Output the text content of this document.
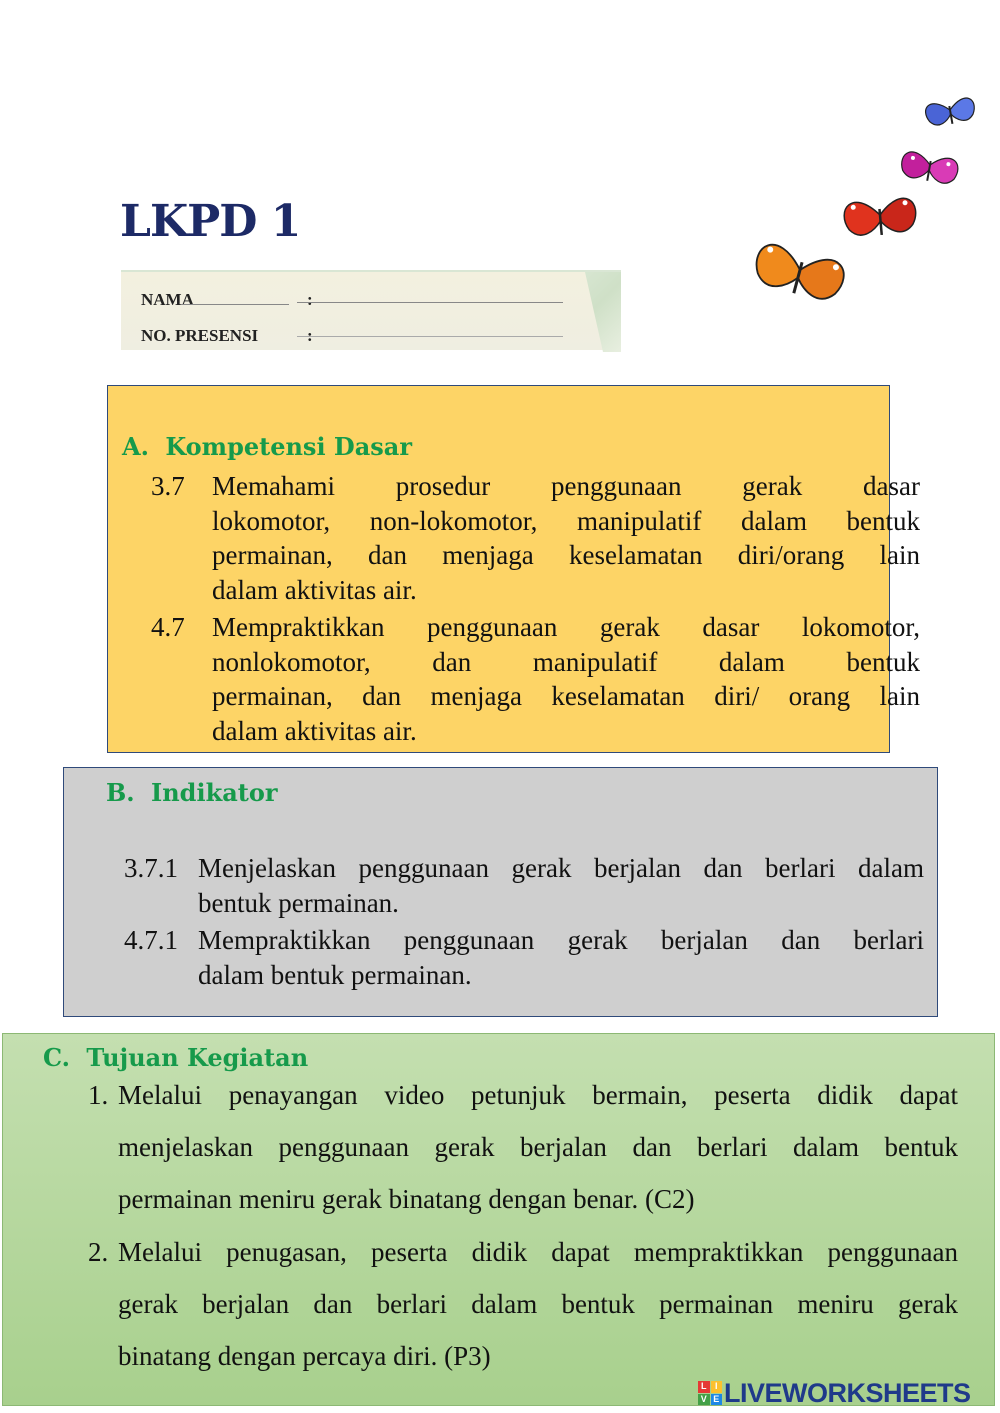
LKPD 1
NAMA	:
NO. PRESENSI	:
A. Kompetensi Dasar
3.7 Memahami prosedur penggunaan gerak dasar
lokomotor, non-lokomotor, manipulatif dalam bentuk
permainan, dan menjaga keselamatan diri/orang lain
dalam aktivitas air.
4.7 Mempraktikkan penggunaan gerak dasar lokomotor,
nonlokomotor, dan manipulatif dalam bentuk
permainan, dan menjaga keselamatan diri/ orang lain
dalam aktivitas air.
B. Indikator
3.7.1 Menjelaskan penggunaan gerak berjalan dan berlari dalam
bentuk permainan.
4.7.1 Mempraktikkan penggunaan gerak berjalan dan berlari
dalam bentuk permainan.
C. Tujuan Kegiatan
1. Melalui penayangan video petunjuk bermain, peserta didik dapat
menjelaskan penggunaan gerak berjalan dan berlari dalam bentuk
permainan meniru gerak binatang dengan benar. (C2)
2. Melalui penugasan, peserta didik dapat mempraktikkan penggunaan
gerak berjalan dan berlari dalam bentuk permainan meniru gerak
binatang dengan percaya diri. (P3)
L I
V E LIVEWORKSHEETS
